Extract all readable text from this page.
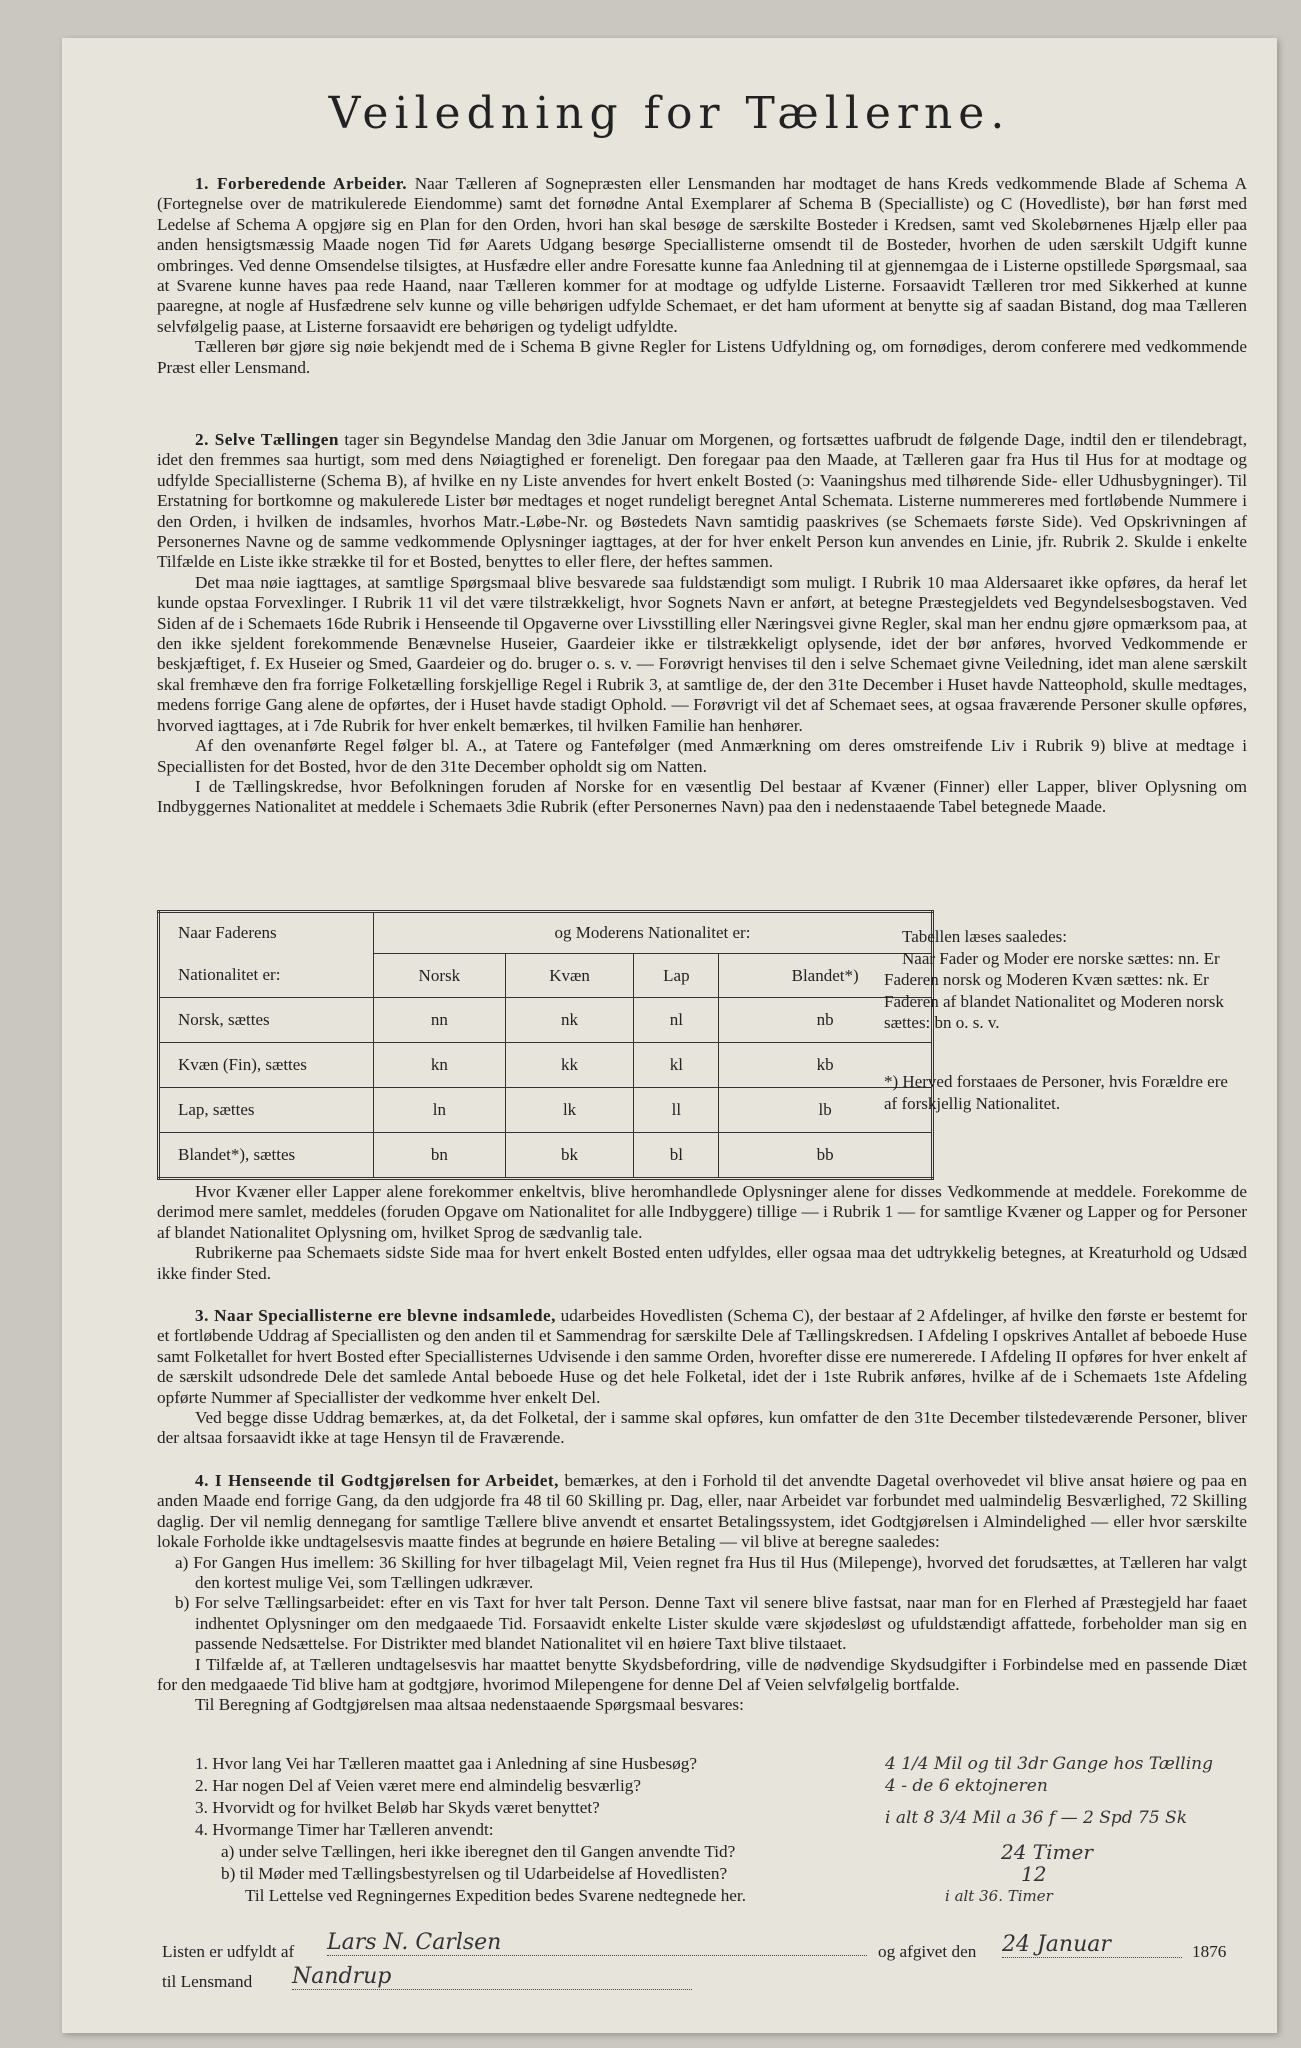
Veiledning for Tællerne.

1. Forberedende Arbeider. Naar Tælleren af Sognepræsten eller Lensmanden har modtaget de hans Kreds vedkommende Blade af Schema A (Fortegnelse over de matrikulerede Eiendomme) samt det fornødne Antal Exemplarer af Schema B (Specialliste) og C (Hovedliste), bør han først med Ledelse af Schema A opgjøre sig en Plan for den Orden, hvori han skal besøge de særskilte Bosteder i Kredsen, samt ved Skolebørnenes Hjælp eller paa anden hensigtsmæssig Maade nogen Tid før Aarets Udgang besørge Speciallisterne omsendt til de Bosteder, hvorhen de uden særskilt Udgift kunne ombringes. Ved denne Omsendelse tilsigtes, at Husfædre eller andre Foresatte kunne faa Anledning til at gjennemgaa de i Listerne opstillede Spørgsmaal, saa at Svarene kunne haves paa rede Haand, naar Tælleren kommer for at modtage og udfylde Listerne. Forsaavidt Tælleren tror med Sikkerhed at kunne paaregne, at nogle af Husfædrene selv kunne og ville behørigen udfylde Schemaet, er det ham uforment at benytte sig af saadan Bistand, dog maa Tælleren selvfølgelig paase, at Listerne forsaavidt ere behørigen og tydeligt udfyldte.

Tælleren bør gjøre sig nøie bekjendt med de i Schema B givne Regler for Listens Udfyldning og, om fornødiges, derom conferere med vedkommende Præst eller Lensmand.

2. Selve Tællingen tager sin Begyndelse Mandag den 3die Januar om Morgenen, og fortsættes uafbrudt de følgende Dage, indtil den er tilendebragt, idet den fremmes saa hurtigt, som med dens Nøiagtighed er foreneligt. Den foregaar paa den Maade, at Tælleren gaar fra Hus til Hus for at modtage og udfylde Speciallisterne (Schema B), af hvilke en ny Liste anvendes for hvert enkelt Bosted (ɔ: Vaaningshus med tilhørende Side- eller Udhusbygninger). Til Erstatning for bortkomne og makulerede Lister bør medtages et noget rundeligt beregnet Antal Schemata. Listerne nummereres med fortløbende Nummere i den Orden, i hvilken de indsamles, hvorhos Matr.-Løbe-Nr. og Bøstedets Navn samtidig paaskrives (se Schemaets første Side). Ved Opskrivningen af Personernes Navne og de samme vedkommende Oplysninger iagttages, at der for hver enkelt Person kun anvendes en Linie, jfr. Rubrik 2. Skulde i enkelte Tilfælde en Liste ikke strække til for et Bosted, benyttes to eller flere, der heftes sammen.

Det maa nøie iagttages, at samtlige Spørgsmaal blive besvarede saa fuldstændigt som muligt. I Rubrik 10 maa Aldersaaret ikke opføres, da heraf let kunde opstaa Forvexlinger. I Rubrik 11 vil det være tilstrækkeligt, hvor Sognets Navn er anført, at betegne Præstegjeldets ved Begyndelsesbogstaven. Ved Siden af de i Schemaets 16de Rubrik i Henseende til Opgaverne over Livsstilling eller Næringsvei givne Regler, skal man her endnu gjøre opmærksom paa, at den ikke sjeldent forekommende Benævnelse Huseier, Gaardeier ikke er tilstrækkeligt oplysende, idet der bør anføres, hvorved Vedkommende er beskjæftiget, f. Ex Huseier og Smed, Gaardeier og do. bruger o. s. v. — Forøvrigt henvises til den i selve Schemaet givne Veiledning, idet man alene særskilt skal fremhæve den fra forrige Folketælling forskjellige Regel i Rubrik 3, at samtlige de, der den 31te December i Huset havde Natteophold, skulle medtages, medens forrige Gang alene de opførtes, der i Huset havde stadigt Ophold. — Forøvrigt vil det af Schemaet sees, at ogsaa fraværende Personer skulle opføres, hvorved iagttages, at i 7de Rubrik for hver enkelt bemærkes, til hvilken Familie han henhører.

Af den ovenanførte Regel følger bl. A., at Tatere og Fantefølger (med Anmærkning om deres omstreifende Liv i Rubrik 9) blive at medtage i Speciallisten for det Bosted, hvor de den 31te December opholdt sig om Natten.

I de Tællingskredse, hvor Befolkningen foruden af Norske for en væsentlig Del bestaar af Kvæner (Finner) eller Lapper, bliver Oplysning om Indbyggernes Nationalitet at meddele i Schemaets 3die Rubrik (efter Personernes Navn) paa den i nedenstaaende Tabel betegnede Maade.

Naar Faderens	og Moderens Nationalitet er:			
Nationalitet er:	Norsk	Kvæn	Lap	Blandet*)
Norsk, sættes	nn	nk	nl	nb
Kvæn (Fin), sættes	kn	kk	kl	kb
Lap, sættes	ln	lk	ll	lb
Blandet*), sættes	bn	bk	bl	bb

Tabellen læses saaledes:

Naar Fader og Moder ere norske sættes: nn. Er Faderen norsk og Moderen Kvæn sættes: nk. Er Faderen af blandet Nationalitet og Moderen norsk sættes: bn o. s. v.

*) Herved forstaaes de Personer, hvis Forældre ere af forskjellig Nationalitet.

Hvor Kvæner eller Lapper alene forekommer enkeltvis, blive heromhandlede Oplysninger alene for disses Vedkommende at meddele. Forekomme de derimod mere samlet, meddeles (foruden Opgave om Nationalitet for alle Indbyggere) tillige — i Rubrik 1 — for samtlige Kvæner og Lapper og for Personer af blandet Nationalitet Oplysning om, hvilket Sprog de sædvanlig tale.

Rubrikerne paa Schemaets sidste Side maa for hvert enkelt Bosted enten udfyldes, eller ogsaa maa det udtrykkelig betegnes, at Kreaturhold og Udsæd ikke finder Sted.

3. Naar Speciallisterne ere blevne indsamlede, udarbeides Hovedlisten (Schema C), der bestaar af 2 Afdelinger, af hvilke den første er bestemt for et fortløbende Uddrag af Speciallisten og den anden til et Sammendrag for særskilte Dele af Tællingskredsen. I Afdeling I opskrives Antallet af beboede Huse samt Folketallet for hvert Bosted efter Speciallisternes Udvisende i den samme Orden, hvorefter disse ere numererede. I Afdeling II opføres for hver enkelt af de særskilt udsondrede Dele det samlede Antal beboede Huse og det hele Folketal, idet der i 1ste Rubrik anføres, hvilke af de i Schemaets 1ste Afdeling opførte Nummer af Speciallister der vedkomme hver enkelt Del.

Ved begge disse Uddrag bemærkes, at, da det Folketal, der i samme skal opføres, kun omfatter de den 31te December tilstedeværende Personer, bliver der altsaa forsaavidt ikke at tage Hensyn til de Fraværende.

4. I Henseende til Godtgjørelsen for Arbeidet, bemærkes, at den i Forhold til det anvendte Dagetal overhovedet vil blive ansat høiere og paa en anden Maade end forrige Gang, da den udgjorde fra 48 til 60 Skilling pr. Dag, eller, naar Arbeidet var forbundet med ualmindelig Besværlighed, 72 Skilling daglig. Der vil nemlig dennegang for samtlige Tællere blive anvendt et ensartet Betalingssystem, idet Godtgjørelsen i Almindelighed — eller hvor særskilte lokale Forholde ikke undtagelsesvis maatte findes at begrunde en høiere Betaling — vil blive at beregne saaledes:

a) For Gangen Hus imellem: 36 Skilling for hver tilbagelagt Mil, Veien regnet fra Hus til Hus (Milepenge), hvorved det forudsættes, at Tælleren har valgt den kortest mulige Vei, som Tællingen udkræver.

b) For selve Tællingsarbeidet: efter en vis Taxt for hver talt Person. Denne Taxt vil senere blive fastsat, naar man for en Flerhed af Præstegjeld har faaet indhentet Oplysninger om den medgaaede Tid. Forsaavidt enkelte Lister skulde være skjødesløst og ufuldstændigt affattede, forbeholder man sig en passende Nedsættelse. For Distrikter med blandet Nationalitet vil en høiere Taxt blive tilstaaet.

I Tilfælde af, at Tælleren undtagelsesvis har maattet benytte Skydsbefordring, ville de nødvendige Skydsudgifter i Forbindelse med en passende Diæt for den medgaaede Tid blive ham at godtgjøre, hvorimod Milepengene for denne Del af Veien selvfølgelig bortfalde.

Til Beregning af Godtgjørelsen maa altsaa nedenstaaende Spørgsmaal besvares:

1. Hvor lang Vei har Tælleren maattet gaa i Anledning af sine Husbesøg?	4 1/4 Mil og til 3dr Gange hos Tælling
2. Har nogen Del af Veien været mere end almindelig besværlig?	4 - de 6 ektojneren
3. Hvorvidt og for hvilket Beløb har Skyds været benyttet?
i alt 8 3/4 Mil a 36 f — 2 Spd 75 Sk
4. Hvormange Timer har Tælleren anvendt:
a) under selve Tællingen, heri ikke iberegnet den til Gangen anvendte Tid?	24 Timer
b) til Møder med Tællingsbestyrelsen og til Udarbeidelse af Hovedlisten?	12
Til Lettelse ved Regningernes Expedition bedes Svarene nedtegnede her.	i alt 36. Timer
Listen er udfyldt af Lars N. Carlsen	og afgivet den 24 Januar	1876
til Lensmand Nandrup
